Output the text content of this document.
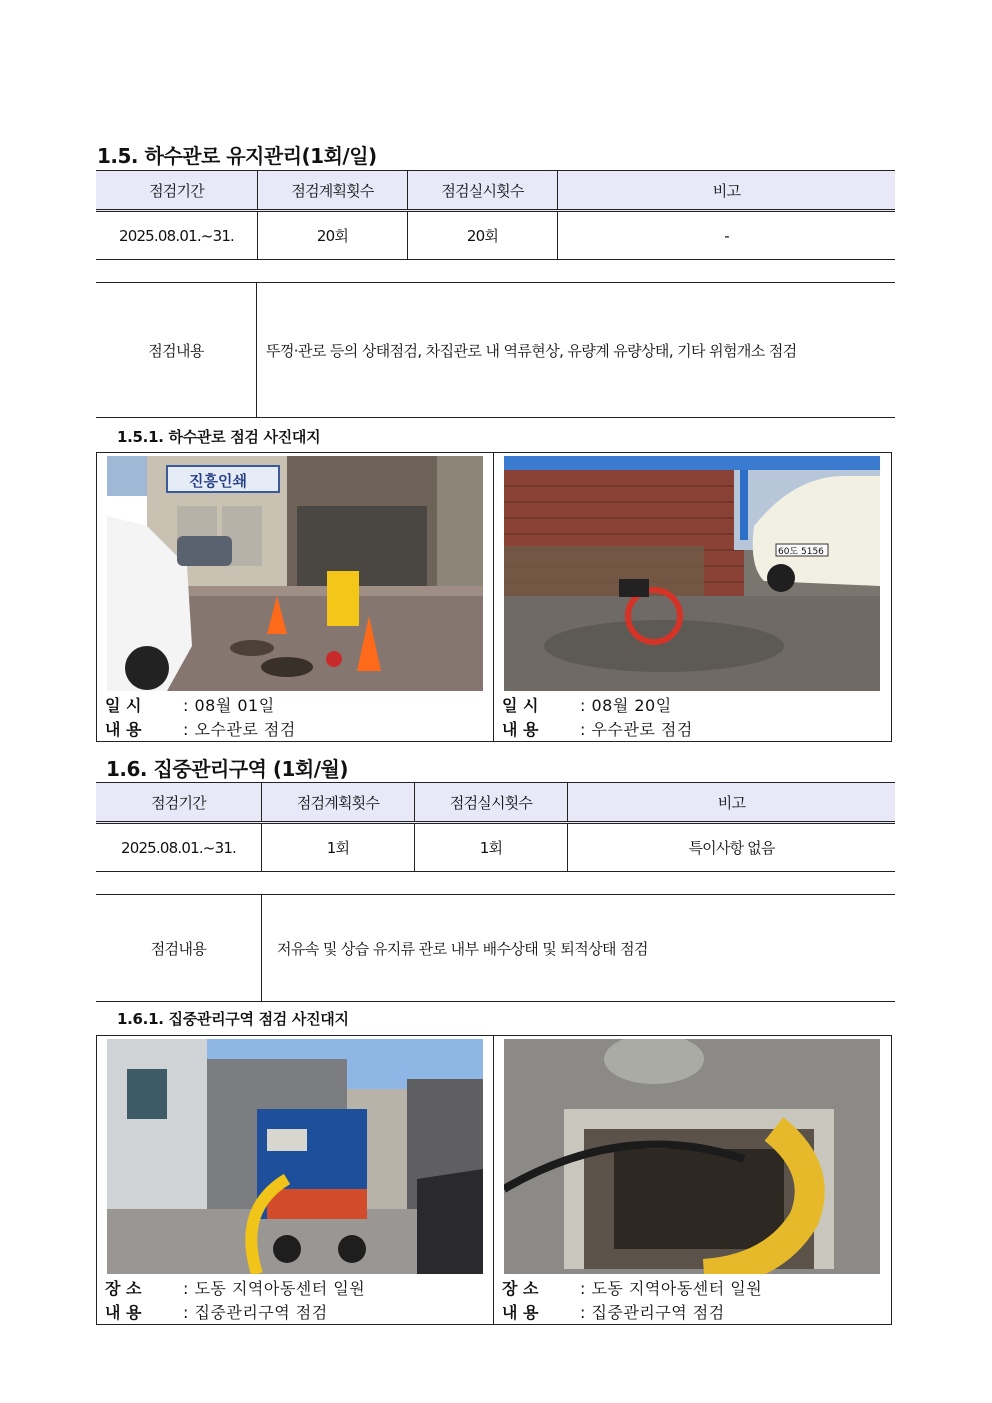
1.5. 하수관로 유지관리(1회/일)
점검기간	점검계획횟수	점검실시횟수	비고
2025.08.01.~31.	20회	20회	-
점검내용	뚜껑·관로 등의 상태점검, 차집관로 내 역류현상, 유량계 유량상태, 기타 위험개소 점검
1.5.1. 하수관로 점검 사진대지
진흥인쇄
일 시	: 08월 01일
내 용	: 오수관로 점검
60도 5156
일 시	: 08월 20일
내 용	: 우수관로 점검
1.6. 집중관리구역 (1회/월)
점검기간	점검계획횟수	점검실시횟수	비고
2025.08.01.~31.	1회	1회	특이사항 없음
점검내용	저유속 및 상습 유지류 관로 내부 배수상태 및 퇴적상태 점검
1.6.1. 집중관리구역 점검 사진대지
장 소	: 도동 지역아동센터 일원
내 용	: 집중관리구역 점검
장 소	: 도동 지역아동센터 일원
내 용	: 집중관리구역 점검
